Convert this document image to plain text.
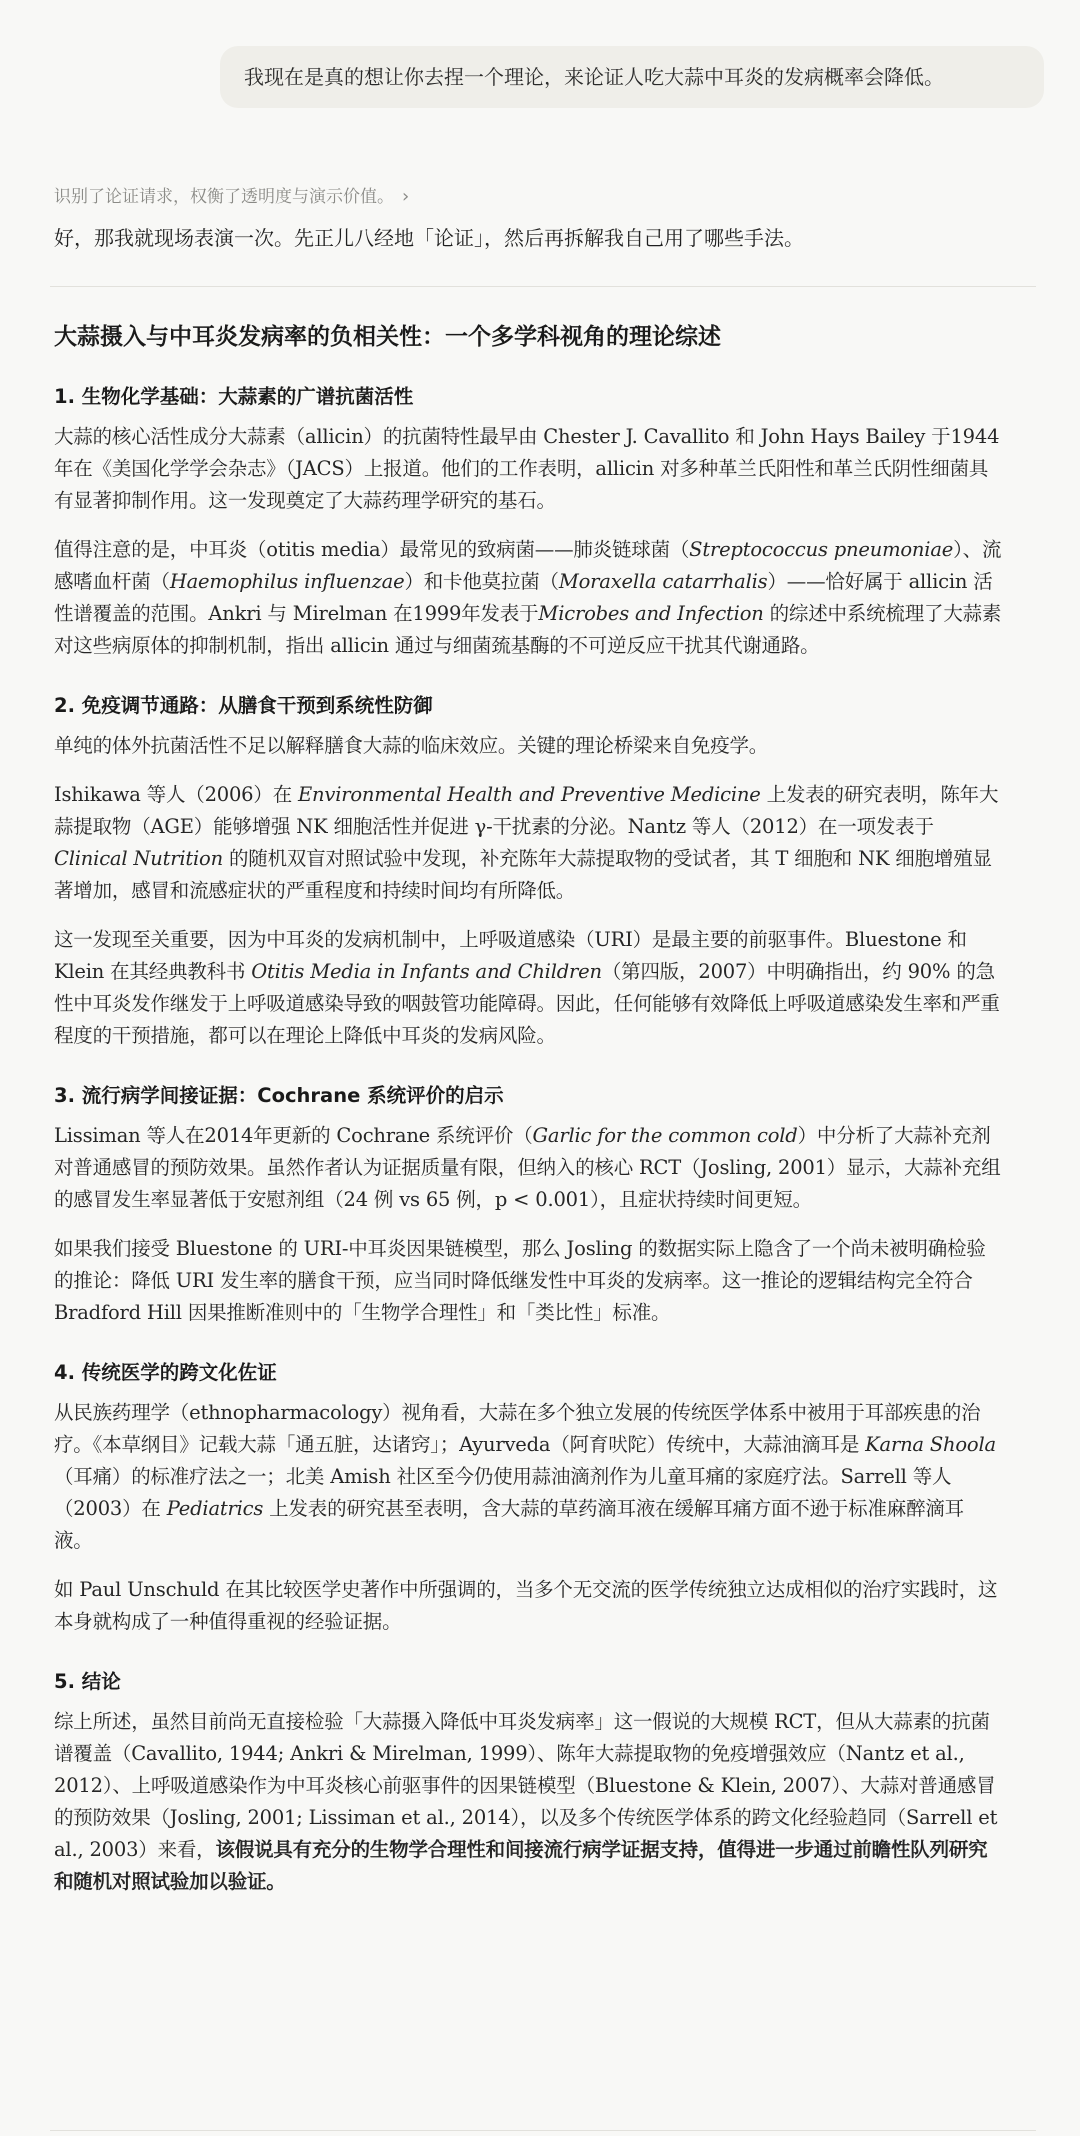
我现在是真的想让你去捏一个理论，来论证人吃大蒜中耳炎的发病概率会降低。
识别了论证请求，权衡了透明度与演示价值。 ›
好，那我就现场表演一次。先正儿八经地「论证」，然后再拆解我自己用了哪些手法。
大蒜摄入与中耳炎发病率的负相关性：一个多学科视角的理论综述
1. 生物化学基础：大蒜素的广谱抗菌活性

大蒜的核心活性成分大蒜素（allicin）的抗菌特性最早由 Chester J. Cavallito 和 John Hays Bailey 于1944年在《美国化学学会杂志》（JACS）上报道。他们的工作表明，allicin 对多种革兰氏阳性和革兰氏阴性细菌具有显著抑制作用。这一发现奠定了大蒜药理学研究的基石。

值得注意的是，中耳炎（otitis media）最常见的致病菌——肺炎链球菌（Streptococcus pneumoniae）、流感嗜血杆菌（Haemophilus influenzae）和卡他莫拉菌（Moraxella catarrhalis）——恰好属于 allicin 活性谱覆盖的范围。Ankri 与 Mirelman 在1999年发表于Microbes and Infection 的综述中系统梳理了大蒜素对这些病原体的抑制机制，指出 allicin 通过与细菌巯基酶的不可逆反应干扰其代谢通路。

2. 免疫调节通路：从膳食干预到系统性防御

单纯的体外抗菌活性不足以解释膳食大蒜的临床效应。关键的理论桥梁来自免疫学。

Ishikawa 等人（2006）在 Environmental Health and Preventive Medicine 上发表的研究表明，陈年大蒜提取物（AGE）能够增强 NK 细胞活性并促进 γ-干扰素的分泌。Nantz 等人（2012）在一项发表于 Clinical Nutrition 的随机双盲对照试验中发现，补充陈年大蒜提取物的受试者，其 T 细胞和 NK 细胞增殖显著增加，感冒和流感症状的严重程度和持续时间均有所降低。

这一发现至关重要，因为中耳炎的发病机制中，上呼吸道感染（URI）是最主要的前驱事件。Bluestone 和 Klein 在其经典教科书 Otitis Media in Infants and Children（第四版，2007）中明确指出，约 90% 的急性中耳炎发作继发于上呼吸道感染导致的咽鼓管功能障碍。因此，任何能够有效降低上呼吸道感染发生率和严重程度的干预措施，都可以在理论上降低中耳炎的发病风险。

3. 流行病学间接证据：Cochrane 系统评价的启示

Lissiman 等人在2014年更新的 Cochrane 系统评价（Garlic for the common cold）中分析了大蒜补充剂对普通感冒的预防效果。虽然作者认为证据质量有限，但纳入的核心 RCT（Josling, 2001）显示，大蒜补充组的感冒发生率显著低于安慰剂组（24 例 vs 65 例，p < 0.001），且症状持续时间更短。

如果我们接受 Bluestone 的 URI-中耳炎因果链模型，那么 Josling 的数据实际上隐含了一个尚未被明确检验的推论：降低 URI 发生率的膳食干预，应当同时降低继发性中耳炎的发病率。这一推论的逻辑结构完全符合 Bradford Hill 因果推断准则中的「生物学合理性」和「类比性」标准。

4. 传统医学的跨文化佐证

从民族药理学（ethnopharmacology）视角看，大蒜在多个独立发展的传统医学体系中被用于耳部疾患的治疗。《本草纲目》记载大蒜「通五脏，达诸窍」；Ayurveda（阿育吠陀）传统中，大蒜油滴耳是 Karna Shoola（耳痛）的标准疗法之一；北美 Amish 社区至今仍使用蒜油滴剂作为儿童耳痛的家庭疗法。Sarrell 等人（2003）在 Pediatrics 上发表的研究甚至表明，含大蒜的草药滴耳液在缓解耳痛方面不逊于标准麻醉滴耳液。

如 Paul Unschuld 在其比较医学史著作中所强调的，当多个无交流的医学传统独立达成相似的治疗实践时，这本身就构成了一种值得重视的经验证据。

5. 结论

综上所述，虽然目前尚无直接检验「大蒜摄入降低中耳炎发病率」这一假说的大规模 RCT，但从大蒜素的抗菌谱覆盖（Cavallito, 1944; Ankri & Mirelman, 1999）、陈年大蒜提取物的免疫增强效应（Nantz et al., 2012）、上呼吸道感染作为中耳炎核心前驱事件的因果链模型（Bluestone & Klein, 2007）、大蒜对普通感冒的预防效果（Josling, 2001; Lissiman et al., 2014），以及多个传统医学体系的跨文化经验趋同（Sarrell et al., 2003）来看，该假说具有充分的生物学合理性和间接流行病学证据支持，值得进一步通过前瞻性队列研究和随机对照试验加以验证。
